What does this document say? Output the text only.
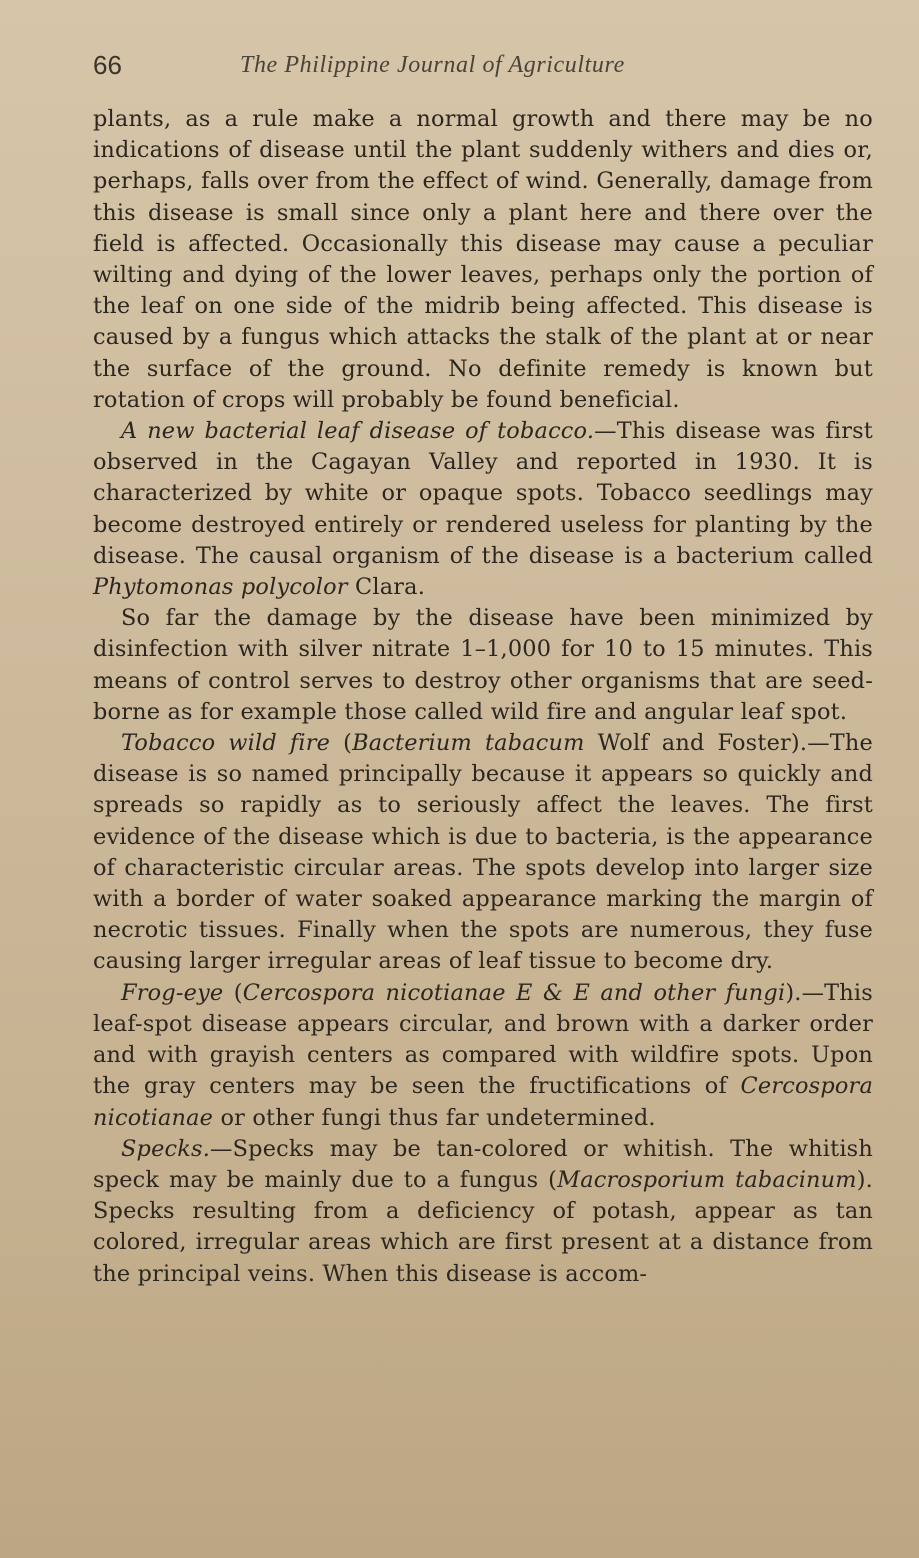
66	The Philippine Journal of Agriculture

plants, as a rule make a normal growth and there may be no indications of disease until the plant suddenly withers and dies or, perhaps, falls over from the effect of wind. Generally, damage from this disease is small since only a plant here and there over the field is affected. Occasionally this disease may cause a peculiar wilting and dying of the lower leaves, perhaps only the portion of the leaf on one side of the midrib being affected. This disease is caused by a fungus which attacks the stalk of the plant at or near the surface of the ground. No definite remedy is known but rotation of crops will probably be found beneficial.

A new bacterial leaf disease of tobacco.—This disease was first observed in the Cagayan Valley and reported in 1930. It is characterized by white or opaque spots. Tobacco seedlings may become destroyed entirely or rendered useless for planting by the disease. The causal organism of the disease is a bacterium called Phytomonas polycolor Clara.

So far the damage by the disease have been minimized by disinfection with silver nitrate 1–1,000 for 10 to 15 minutes. This means of control serves to destroy other organisms that are seed-borne as for example those called wild fire and angular leaf spot.

Tobacco wild fire (Bacterium tabacum Wolf and Foster).—The disease is so named principally because it appears so quickly and spreads so rapidly as to seriously affect the leaves. The first evidence of the disease which is due to bacteria, is the appearance of characteristic circular areas. The spots develop into larger size with a border of water soaked appearance marking the margin of necrotic tissues. Finally when the spots are numerous, they fuse causing larger irregular areas of leaf tissue to become dry.

Frog-eye (Cercospora nicotianae E & E and other fungi).—This leaf-spot disease appears circular, and brown with a darker order and with grayish centers as compared with wildfire spots. Upon the gray centers may be seen the fructifications of Cercospora nicotianae or other fungi thus far undetermined.

Specks.—Specks may be tan-colored or whitish. The whitish speck may be mainly due to a fungus (Macrosporium tabacinum). Specks resulting from a deficiency of potash, appear as tan colored, irregular areas which are first present at a distance from the principal veins. When this disease is accom-
